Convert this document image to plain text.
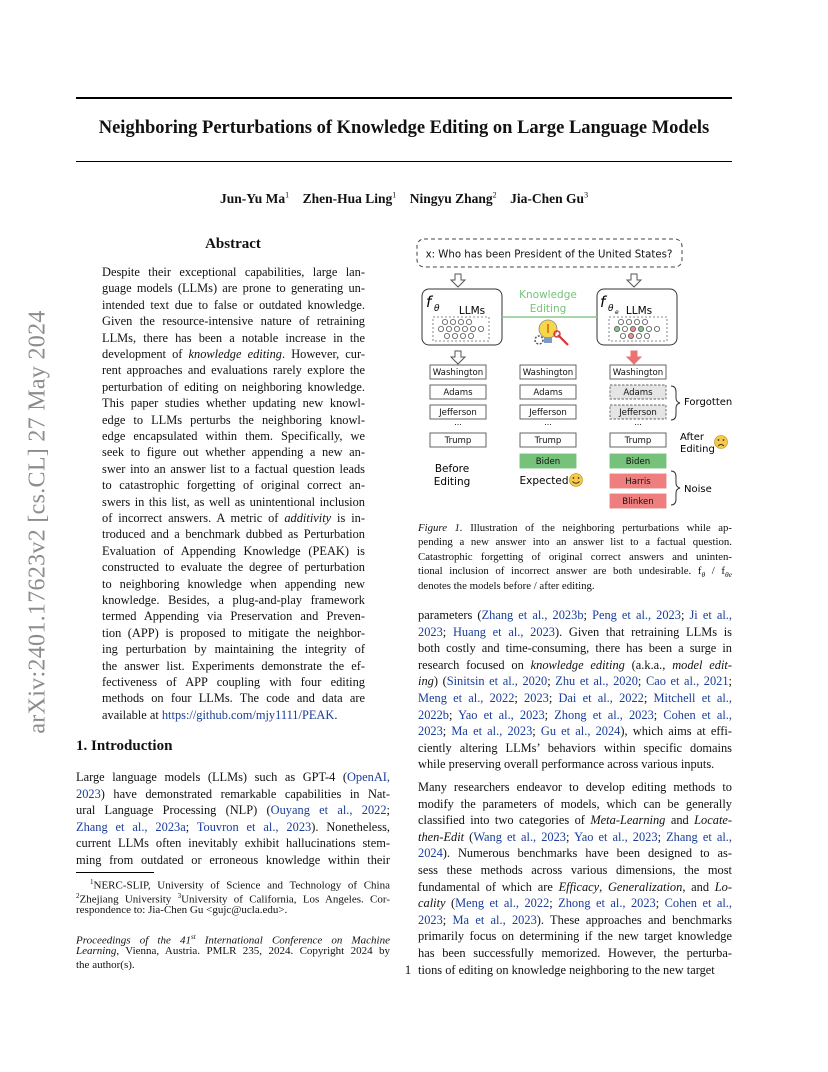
Neighboring Perturbations of Knowledge Editing on Large Language Models
Jun-Yu Ma$^1$ Zhen-Hua Ling$^1$ Ningyu Zhang$^2$ Jia-Chen Gu$^3$
arXiv:2401.17623v2 [cs.CL] 27 May 2024
Abstract
Despite their exceptional capabilities, large lan-
guage models (LLMs) are prone to generating un-
intended text due to false or outdated knowledge.
Given the resource-intensive nature of retraining
LLMs, there has been a notable increase in the
development of knowledge editing. However, cur-
rent approaches and evaluations rarely explore the
perturbation of editing on neighboring knowledge.
This paper studies whether updating new knowl-
edge to LLMs perturbs the neighboring knowl-
edge encapsulated within them. Specifically, we
seek to figure out whether appending a new an-
swer into an answer list to a factual question leads
to catastrophic forgetting of original correct an-
swers in this list, as well as unintentional inclusion
of incorrect answers. A metric of additivity is in-
troduced and a benchmark dubbed as Perturbation
Evaluation of Appending Knowledge (PEAK) is
constructed to evaluate the degree of perturbation
to neighboring knowledge when appending new
knowledge. Besides, a plug-and-play framework
termed Appending via Preservation and Preven-
tion (APP) is proposed to mitigate the neighbor-
ing perturbation by maintaining the integrity of
the answer list. Experiments demonstrate the ef-
fectiveness of APP coupling with four editing
methods on four LLMs. The code and data are
available at https://github.com/mjy1111/PEAK.
1. Introduction
Large language models (LLMs) such as GPT-4 (OpenAI,
2023) have demonstrated remarkable capabilities in Nat-
ural Language Processing (NLP) (Ouyang et al., 2022;
Zhang et al., 2023a; Touvron et al., 2023). Nonetheless,
current LLMs often inevitably exhibit hallucinations stem-
ming from outdated or erroneous knowledge within their
$^1$NERC-SLIP, University of Science and Technology of China
$^2$Zhejiang University $^3$University of California, Los Angeles. Cor-
respondence to: Jia-Chen Gu <gujc@ucla.edu>.
Proceedings of the 41st International Conference on Machine
Learning, Vienna, Austria. PMLR 235, 2024. Copyright 2024 by
the author(s).
x: Who has been President of the United States?
f θ LLMs	f θ e LLMs
Knowledge
Editing
Washington
Adams
Jefferson
...
Trump
Washington
Adams
Jefferson
...
Trump
Biden
Washington
Adams
Jefferson
...
Trump
Biden
Harris
Blinken
Before
Editing	Expected
Forgotten
After
Editing
Noise
Figure 1. Illustration of the neighboring perturbations while ap-
pending a new answer into an answer list to a factual question.
Catastrophic forgetting of original correct answers and uninten-
tional inclusion of incorrect answer are both undesirable. $f_\theta / f_{\theta e}$
denotes the models before / after editing.
parameters (Zhang et al., 2023b; Peng et al., 2023; Ji et al.,
2023; Huang et al., 2023). Given that retraining LLMs is
both costly and time-consuming, there has been a surge in
research focused on knowledge editing (a.k.a., model edit-
ing) (Sinitsin et al., 2020; Zhu et al., 2020; Cao et al., 2021;
Meng et al., 2022; 2023; Dai et al., 2022; Mitchell et al.,
2022b; Yao et al., 2023; Zhong et al., 2023; Cohen et al.,
2023; Ma et al., 2023; Gu et al., 2024), which aims at effi-
ciently altering LLMs’ behaviors within specific domains
while preserving overall performance across various inputs.
Many researchers endeavor to develop editing methods to
modify the parameters of models, which can be generally
classified into two categories of Meta-Learning and Locate-
then-Edit (Wang et al., 2023; Yao et al., 2023; Zhang et al.,
2024). Numerous benchmarks have been designed to as-
sess these methods across various dimensions, the most
fundamental of which are Efficacy, Generalization, and Lo-
cality (Meng et al., 2022; Zhong et al., 2023; Cohen et al.,
2023; Ma et al., 2023). These approaches and benchmarks
primarily focus on determining if the new target knowledge
has been successfully memorized. However, the perturba-
tions of editing on knowledge neighboring to the new target
1
